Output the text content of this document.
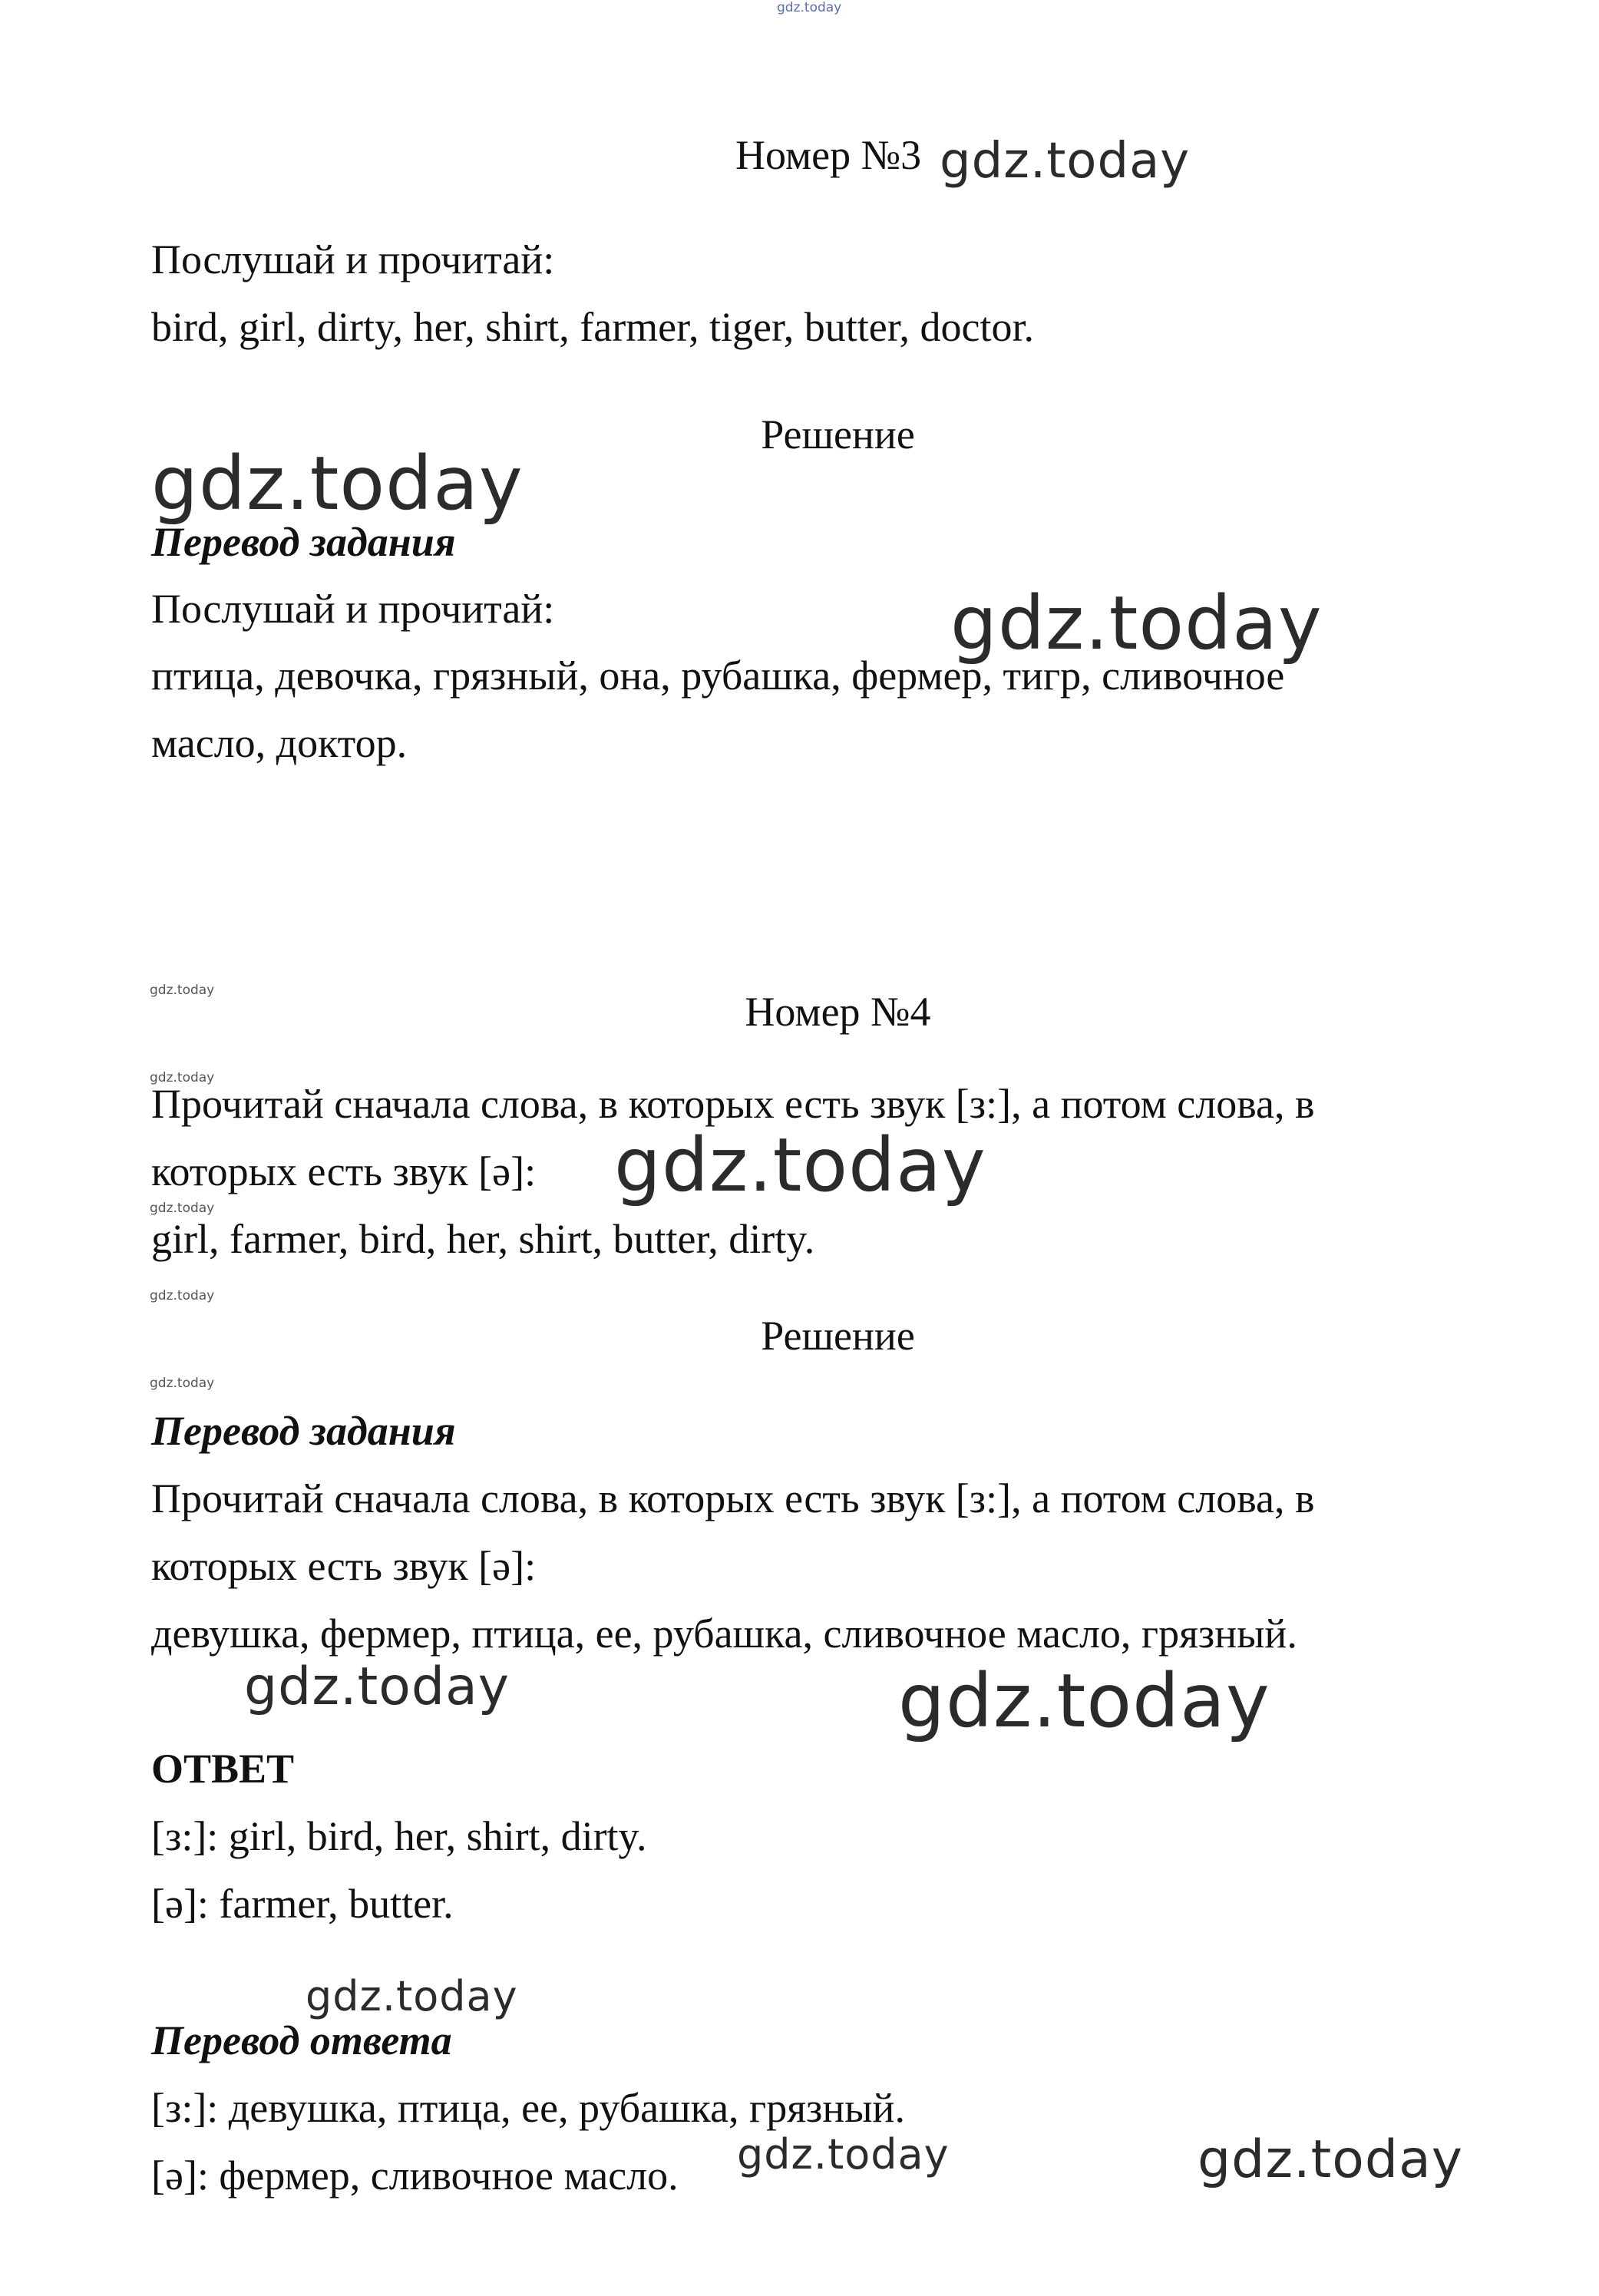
gdz.today
Номер №3 gdz.today
Послушай и прочитай:
bird, girl, dirty, her, shirt, farmer, tiger, butter, doctor.
Решение
gdz.today
Перевод задания
Послушай и прочитай:	gdz.today
птица, девочка, грязный, она, рубашка, фермер, тигр, сливочное
масло, доктор.
gdz.today	Номер №4
gdz.today
Прочитай сначала слова, в которых есть звук [з:], а потом слова, в
которых есть звук [ə]: gdz.today
gdz.today
girl, farmer, bird, her, shirt, butter, dirty.
gdz.today
Решение
gdz.today
Перевод задания
Прочитай сначала слова, в которых есть звук [з:], а потом слова, в
которых есть звук [ə]:
девушка, фермер, птица, ее, рубашка, сливочное масло, грязный.
gdz.today	gdz.today
ОТВЕТ
[з:]: girl, bird, her, shirt, dirty.
[ə]: farmer, butter.
gdz.today
Перевод ответа
[з:]: девушка, птица, ее, рубашка, грязный.
[ə]: фермер, сливочное масло. gdz.today	gdz.today
